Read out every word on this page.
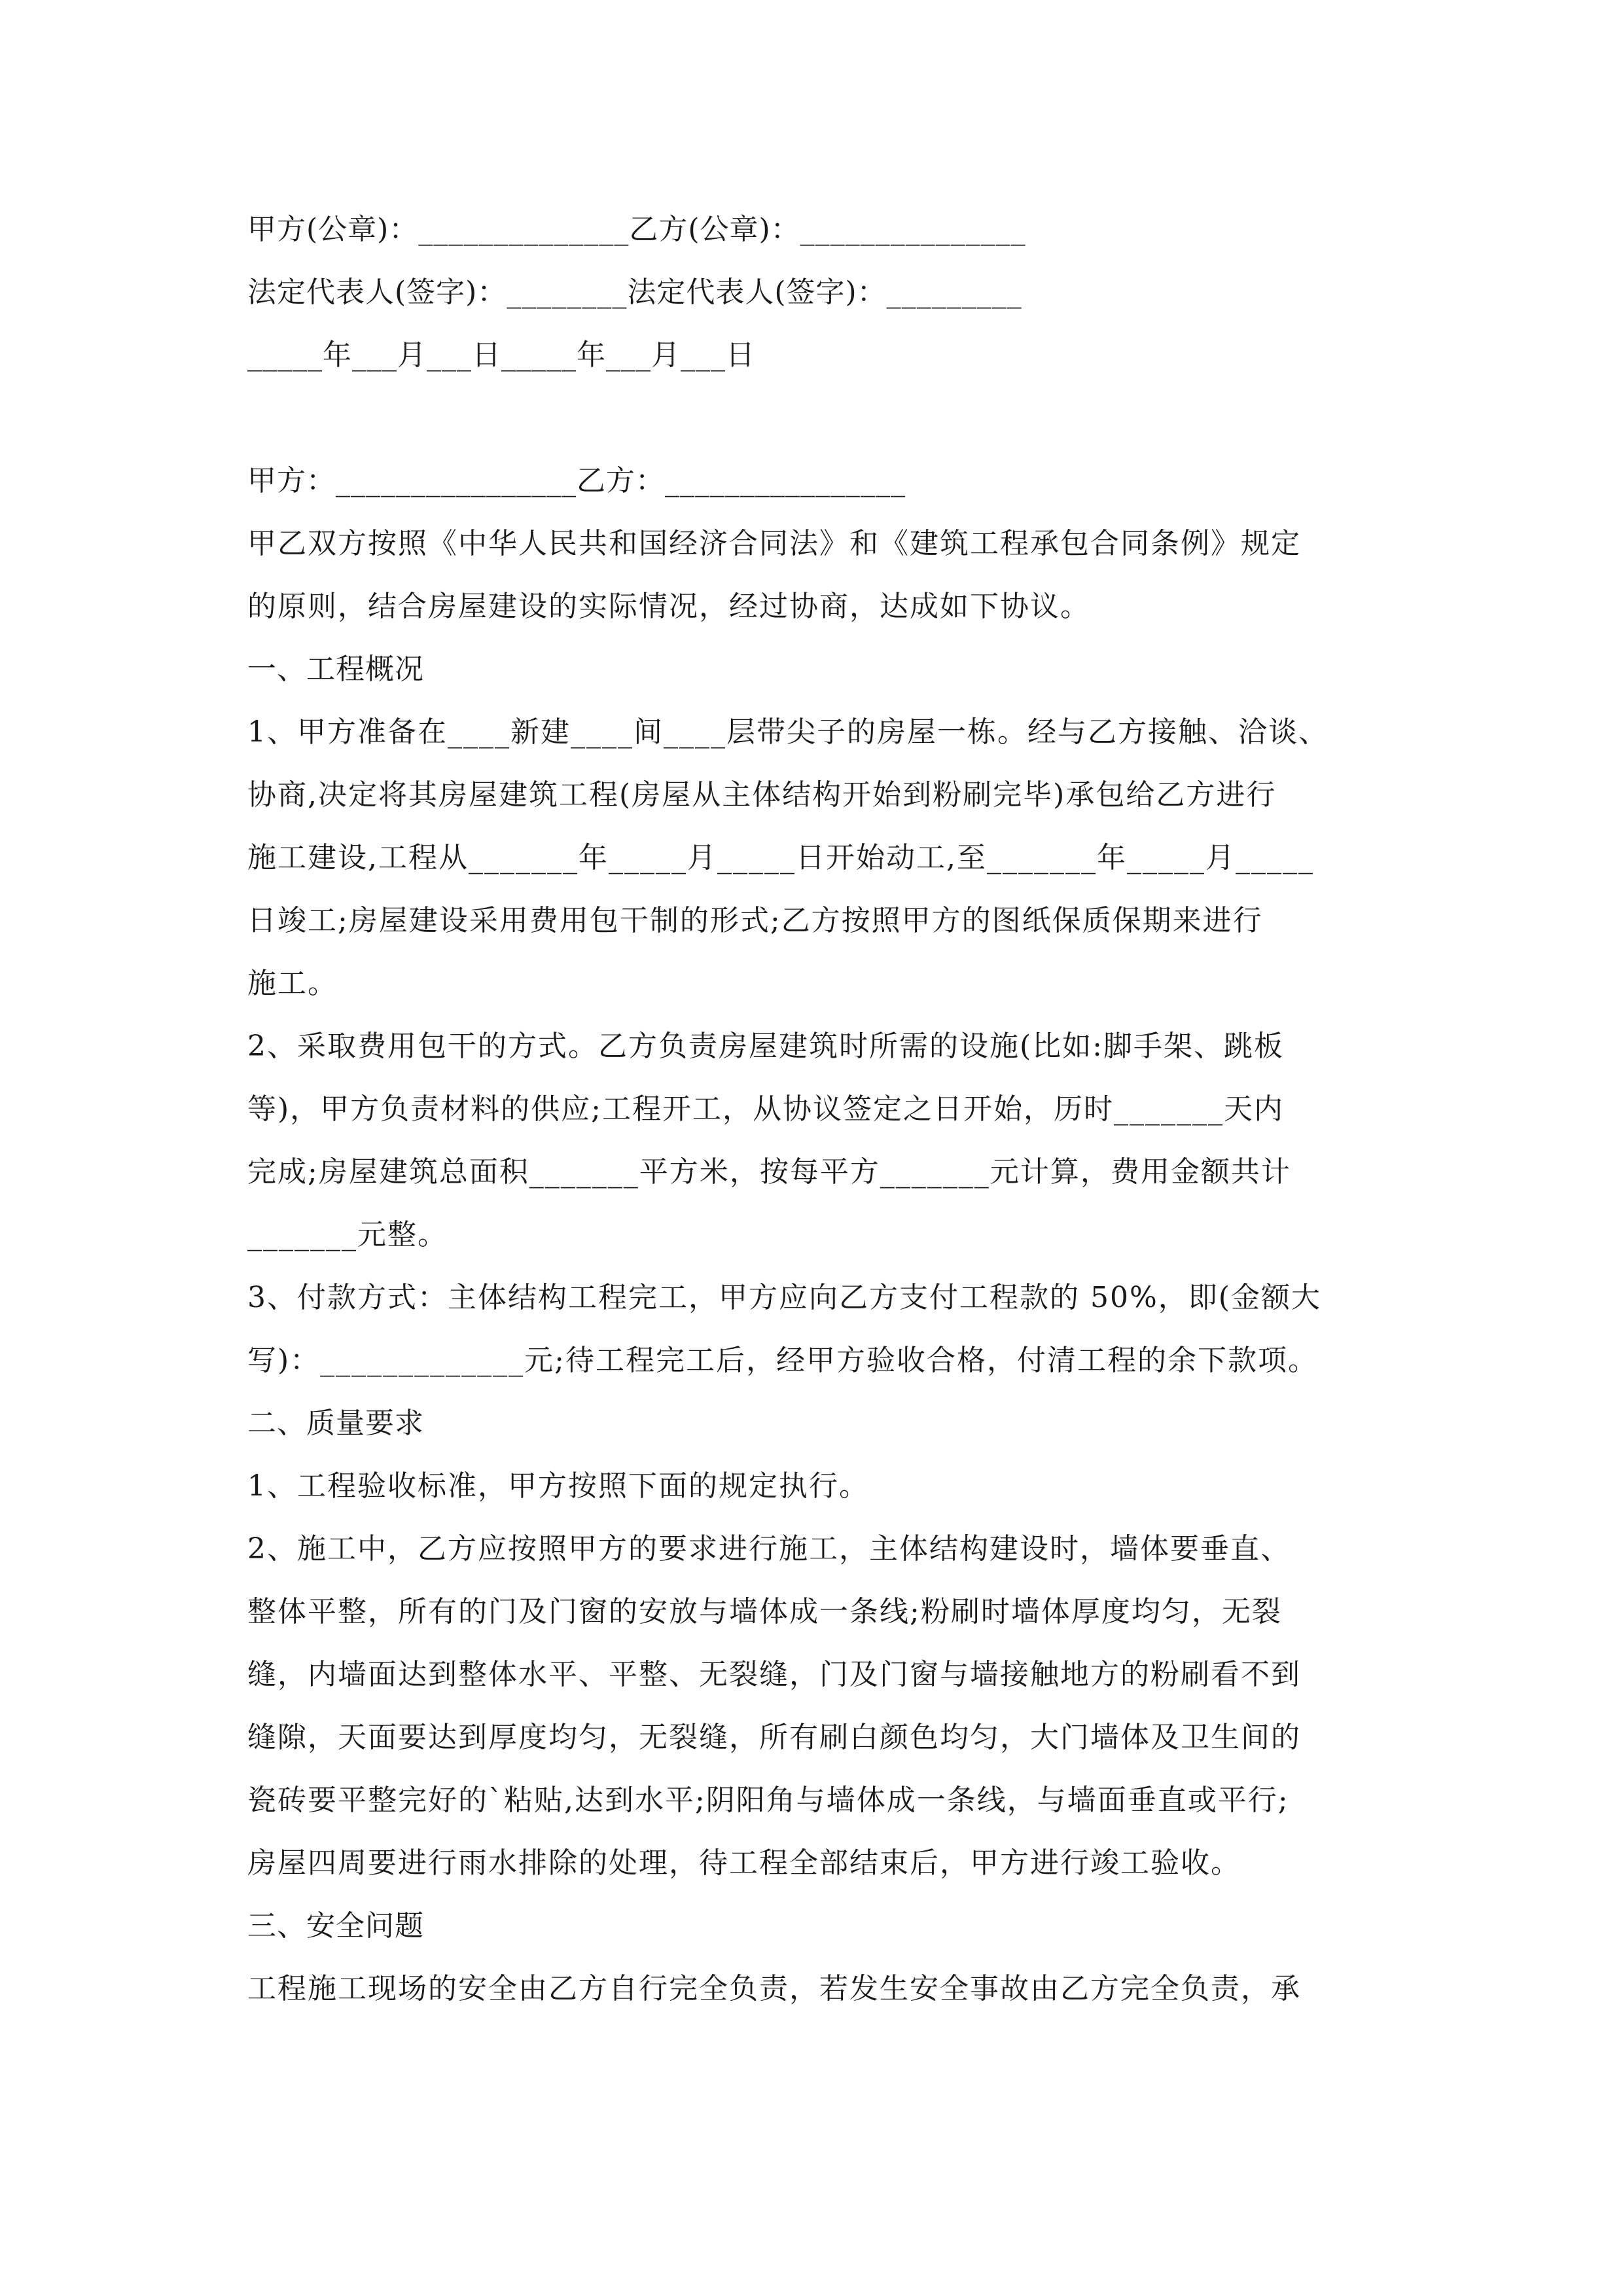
甲方(公章)：______________乙方(公章)：_______________
法定代表人(签字)：________法定代表人(签字)：_________
_____年___月___日_____年___月___日
甲方：________________乙方：________________
甲乙双方按照《中华人民共和国经济合同法》和《建筑工程承包合同条例》规定
的原则，结合房屋建设的实际情况，经过协商，达成如下协议。
一、工程概况
1、甲方准备在____新建____间____层带尖子的房屋一栋。经与乙方接触、洽谈、
协商,决定将其房屋建筑工程(房屋从主体结构开始到粉刷完毕)承包给乙方进行
施工建设,工程从_______年_____月_____日开始动工,至_______年_____月_____
日竣工;房屋建设采用费用包干制的形式;乙方按照甲方的图纸保质保期来进行
施工。
2、采取费用包干的方式。乙方负责房屋建筑时所需的设施(比如:脚手架、跳板
等)，甲方负责材料的供应;工程开工，从协议签定之日开始，历时_______天内
完成;房屋建筑总面积_______平方米，按每平方_______元计算，费用金额共计
_______元整。
3、付款方式：主体结构工程完工，甲方应向乙方支付工程款的 50%，即(金额大
写)：_____________元;待工程完工后，经甲方验收合格，付清工程的余下款项。
二、质量要求
1、工程验收标准，甲方按照下面的规定执行。
2、施工中，乙方应按照甲方的要求进行施工，主体结构建设时，墙体要垂直、
整体平整，所有的门及门窗的安放与墙体成一条线;粉刷时墙体厚度均匀，无裂
缝，内墙面达到整体水平、平整、无裂缝，门及门窗与墙接触地方的粉刷看不到
缝隙，天面要达到厚度均匀，无裂缝，所有刷白颜色均匀，大门墙体及卫生间的
瓷砖要平整完好的`粘贴,达到水平;阴阳角与墙体成一条线，与墙面垂直或平行;
房屋四周要进行雨水排除的处理，待工程全部结束后，甲方进行竣工验收。
三、安全问题
工程施工现场的安全由乙方自行完全负责，若发生安全事故由乙方完全负责，承
